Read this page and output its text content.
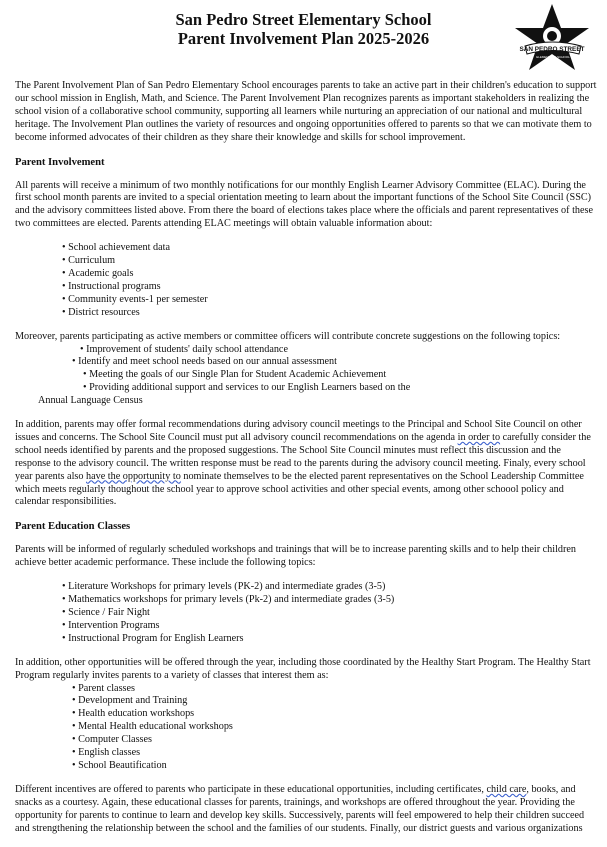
San Pedro Street Elementary School
Parent Involvement Plan 2025-2026
SAN PEDRO STREET
ELEMENTARY SCHOOL

The Parent Involvement Plan of San Pedro Elementary School encourages parents to take an active part in their children's education to support our school mission in English, Math, and Science. The Parent Involvement Plan recognizes parents as important stakeholders in realizing the school vision of a collaborative school community, supporting all learners while nurturing an appreciation of our national and multicultural heritage. The Involvement Plan outlines the variety of resources and ongoing opportunities offered to parents so that we can motivate them to become informed advocates of their children as they share their knowledge and skills for school improvement.

Parent Involvement

All parents will receive a minimum of two monthly notifications for our monthly English Learner Advisory Committee (ELAC). During the first school month parents are invited to a special orientation meeting to learn about the important functions of the School Site Council (SSC) and the advisory committees listed above. From there the board of elections takes place where the officials and parent representatives of these two committees are elected. Parents attending ELAC meetings will obtain valuable information about:

• School achievement data
• Curriculum
• Academic goals
• Instructional programs
• Community events-1 per semester
• District resources
Moreover, parents participating as active members or committee officers will contribute concrete suggestions on the following topics:
• Improvement of students' daily school attendance
• Identify and meet school needs based on our annual assessment
• Meeting the goals of our Single Plan for Student Academic Achievement
• Providing additional support and services to our English Learners based on the
Annual Language Census

In addition, parents may offer formal recommendations during advisory council meetings to the Principal and School Site Council on other issues and concerns. The School Site Council must put all advisory council recommendations on the agenda in order to carefully consider the school needs identified by parents and the proposed suggestions. The School Site Council minutes must reflect this discussion and the response to the advisory council. The written response must be read to the parents during the advisory council meeting. Finaly, every school year parents also have the opportunity to nominate themselves to be the elected parent representatives on the School Leadership Committee which meets regularly thoughout the school year to approve school activities and other special events, among other schoool policy and calendar responsibilities.

Parent Education Classes

Parents will be informed of regularly scheduled workshops and trainings that will be to increase parenting skills and to help their children achieve better academic performance. These include the following topics:

• Literature Workshops for primary levels (PK-2) and intermediate grades (3-5)
• Mathematics workshops for primary levels (Pk-2) and intermediate grades (3-5)
• Science / Fair Night
• Intervention Programs
• Instructional Program for English Learners
In addition, other opportunities will be offered through the year, including those coordinated by the Healthy Start Program. The Healthy Start Program regularly invites parents to a variety of classes that interest them as:
• Parent classes
• Development and Training
• Health education workshops
• Mental Health educational workshops
• Computer Classes
• English classes
• School Beautification

Different incentives are offered to parents who participate in these educational opportunities, including certificates, child care, books, and snacks as a courtesy. Again, these educational classes for parents, trainings, and workshops are offered throughout the year. Providing the opportunity for parents to continue to learn and develop key skills. Successively, parents will feel empowered to help their children succeed and strengthening the relationship between the school and the families of our students. Finally, our district guests and various organizations
